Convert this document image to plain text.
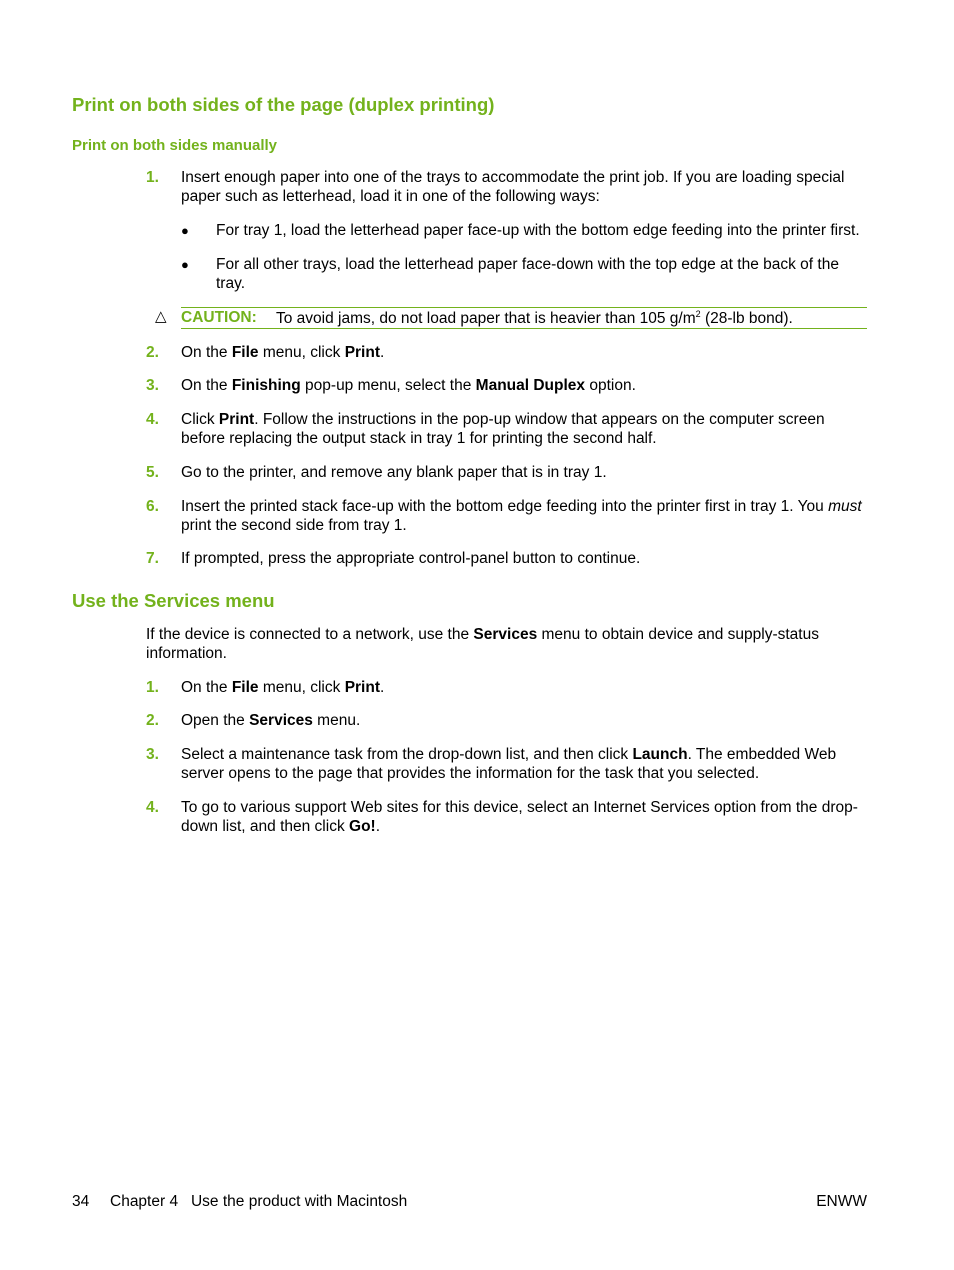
Print on both sides of the page (duplex printing)
Print on both sides manually
1. Insert enough paper into one of the trays to accommodate the print job. If you are loading special paper such as letterhead, load it in one of the following ways:
● For tray 1, load the letterhead paper face-up with the bottom edge feeding into the printer first.
● For all other trays, load the letterhead paper face-down with the top edge at the back of the tray.
△ CAUTION: To avoid jams, do not load paper that is heavier than 105 $g/m^2$ (28-lb bond).
2. On the File menu, click Print.
3. On the Finishing pop-up menu, select the Manual Duplex option.
4. Click Print. Follow the instructions in the pop-up window that appears on the computer screen before replacing the output stack in tray 1 for printing the second half.
5. Go to the printer, and remove any blank paper that is in tray 1.
6. Insert the printed stack face-up with the bottom edge feeding into the printer first in tray 1. You must print the second side from tray 1.
7. If prompted, press the appropriate control-panel button to continue.
Use the Services menu
If the device is connected to a network, use the Services menu to obtain device and supply-status information.
1. On the File menu, click Print.
2. Open the Services menu.
3. Select a maintenance task from the drop-down list, and then click Launch. The embedded Web server opens to the page that provides the information for the task that you selected.
4. To go to various support Web sites for this device, select an Internet Services option from the drop-down list, and then click Go!.
34 Chapter 4   Use the product with Macintosh	ENWW
